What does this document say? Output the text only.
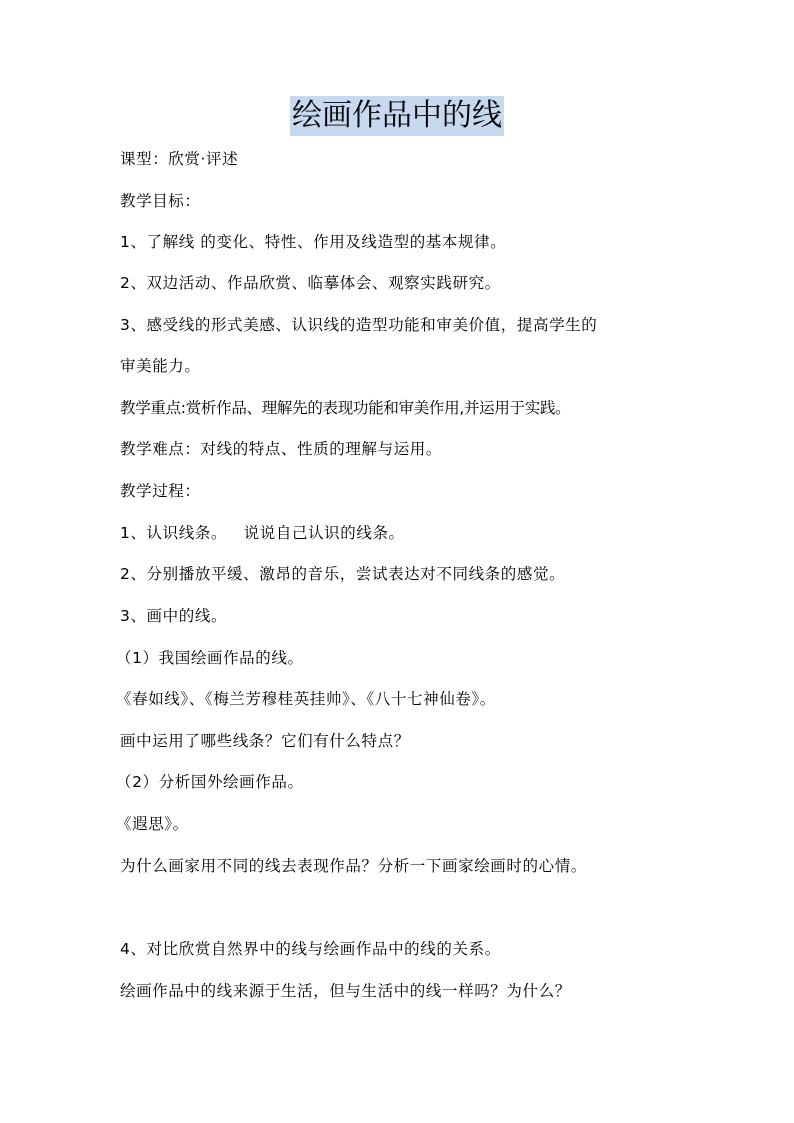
绘画作品中的线
课型：欣赏·评述
教学目标：
1、了解线 的变化、特性、作用及线造型的基本规律。
2、双边活动、作品欣赏、临摹体会、观察实践研究。
3、感受线的形式美感、认识线的造型功能和审美价值，提高学生的
审美能力。
教学重点:赏析作品、理解先的表现功能和审美作用,并运用于实践。
教学难点：对线的特点、性质的理解与运用。
教学过程：
1、认识线条。   说说自己认识的线条。
2、分别播放平缓、激昂的音乐，尝试表达对不同线条的感觉。
3、画中的线。
（1）我国绘画作品的线。
《春如线》、《梅兰芳穆桂英挂帅》、《八十七神仙卷》。
画中运用了哪些线条？它们有什么特点？
（2）分析国外绘画作品。
《遐思》。
为什么画家用不同的线去表现作品？分析一下画家绘画时的心情。
4、对比欣赏自然界中的线与绘画作品中的线的关系。
绘画作品中的线来源于生活，但与生活中的线一样吗？为什么？
